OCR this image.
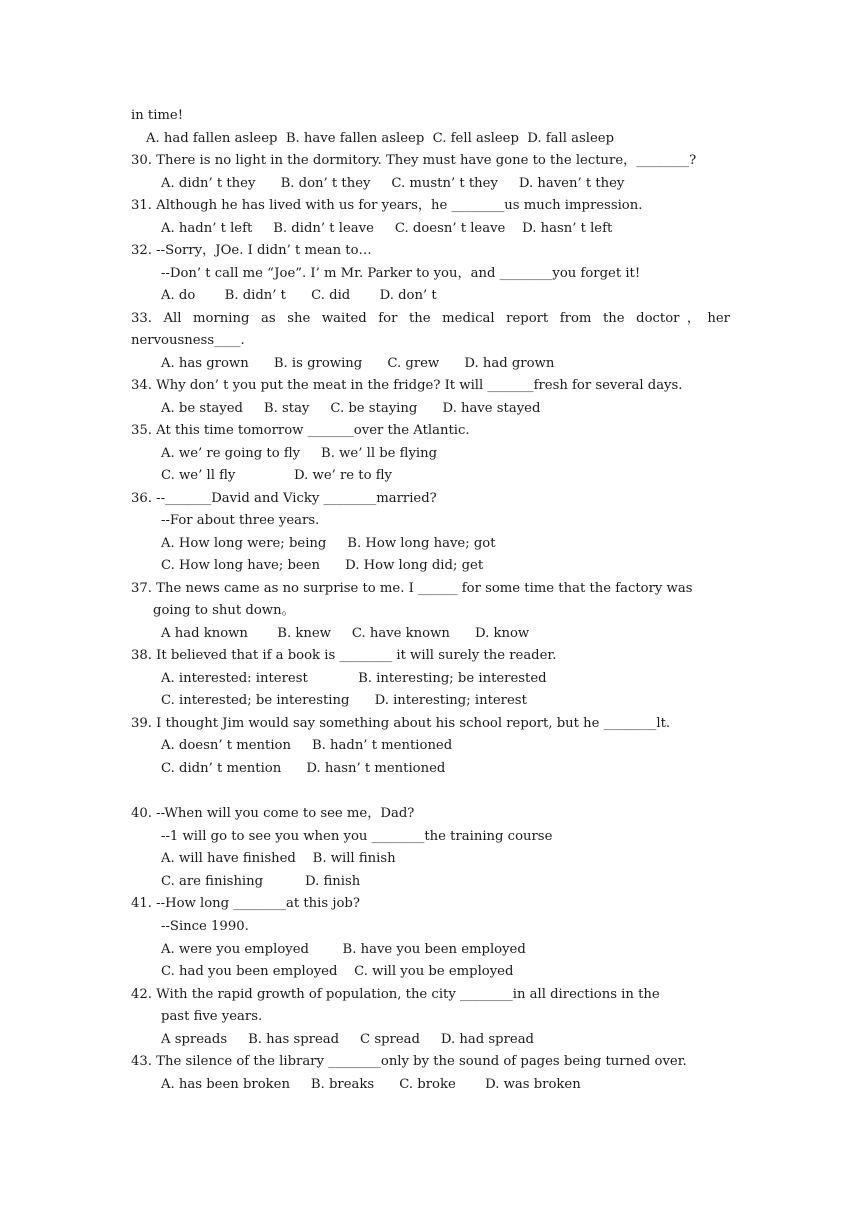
in time!
A. had fallen asleep  B. have fallen asleep  C. fell asleep  D. fall asleep
30. There is no light in the dormitory. They must have gone to the lecture，________?
A. didn’ t they      B. don’ t they     C. mustn’ t they     D. haven’ t they
31. Although he has lived with us for years，he ________us much impression.
A. hadn’ t left     B. didn’ t leave     C. doesn’ t leave    D. hasn’ t left
32. --Sorry，JOe. I didn’ t mean to…
--Don’ t call me “Joe”. I’ m Mr. Parker to you，and ________you forget it!
A. do       B. didn’ t      C. did       D. don’ t
33. All morning as she waited for the medical report from the doctor，her
nervousness____.
A. has grown      B. is growing      C. grew      D. had grown
34. Why don’ t you put the meat in the fridge? It will _______fresh for several days.
A. be stayed     B. stay     C. be staying      D. have stayed
35. At this time tomorrow _______over the Atlantic.
A. we’ re going to fly     B. we’ ll be flying
C. we’ ll fly              D. we’ re to fly
36. --_______David and Vicky ________married?
--For about three years.
A. How long were; being     B. How long have; got
C. How long have; been      D. How long did; get
37. The news came as no surprise to me. I ______ for some time that the factory was
going to shut down。
A had known       B. knew     C. have known      D. know
38. It believed that if a book is ________ it will surely the reader.
A. interested: interest            B. interesting; be interested
C. interested; be interesting      D. interesting; interest
39. I thought Jim would say something about his school report, but he ________lt.
A. doesn’ t mention     B. hadn’ t mentioned
C. didn’ t mention      D. hasn’ t mentioned
40. --When will you come to see me，Dad?
--1 will go to see you when you ________the training course
A. will have finished    B. will finish
C. are finishing          D. finish
41. --How long ________at this job?
--Since 1990.
A. were you employed        B. have you been employed
C. had you been employed    C. will you be employed
42. With the rapid growth of population, the city ________in all directions in the
past five years.
A spreads     B. has spread     C spread     D. had spread
43. The silence of the library ________only by the sound of pages being turned over.
A. has been broken     B. breaks      C. broke       D. was broken
